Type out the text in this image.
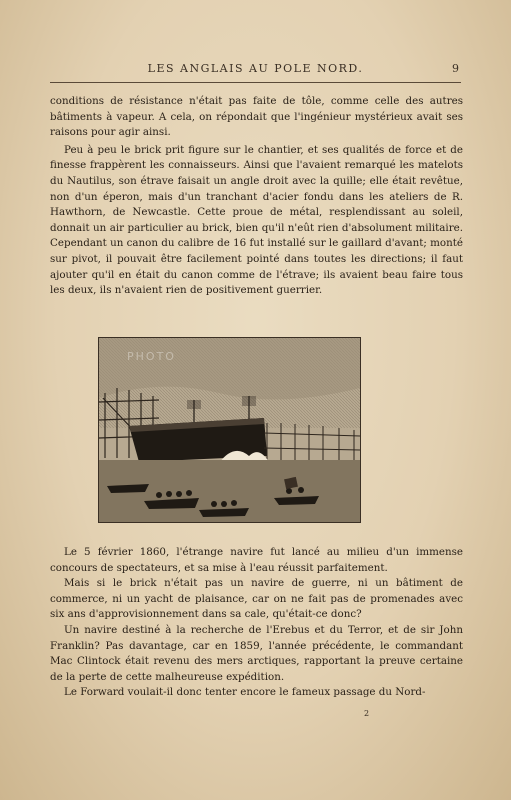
LES ANGLAIS AU POLE NORD.	9

conditions de résistance n'était pas faite de tôle, comme celle des autres bâtiments à vapeur. A cela, on répondait que l'ingénieur mystérieux avait ses raisons pour agir ainsi.

Peu à peu le brick prit figure sur le chantier, et ses qualités de force et de finesse frappèrent les connaisseurs. Ainsi que l'avaient remarqué les matelots du Nautilus, son étrave faisait un angle droit avec la quille; elle était revêtue, non d'un éperon, mais d'un tranchant d'acier fondu dans les ateliers de R. Hawthorn, de Newcastle. Cette proue de métal, resplendissant au soleil, donnait un air particulier au brick, bien qu'il n'eût rien d'absolument militaire. Cependant un canon du calibre de 16 fut installé sur le gaillard d'avant; monté sur pivot, il pouvait être facilement pointé dans toutes les directions; il faut ajouter qu'il en était du canon comme de l'étrave; ils avaient beau faire tous les deux, ils n'avaient rien de positivement guerrier.

PHOTO

Le 5 février 1860, l'étrange navire fut lancé au milieu d'un immense concours de spectateurs, et sa mise à l'eau réussit parfaitement.

Mais si le brick n'était pas un navire de guerre, ni un bâtiment de commerce, ni un yacht de plaisance, car on ne fait pas de promenades avec six ans d'approvisionnement dans sa cale, qu'était-ce donc?

Un navire destiné à la recherche de l'Erebus et du Terror, et de sir John Franklin? Pas davantage, car en 1859, l'année précédente, le commandant Mac Clintock était revenu des mers arctiques, rapportant la preuve certaine de la perte de cette malheureuse expédition.

Le Forward voulait-il donc tenter encore le fameux passage du Nord-

2
